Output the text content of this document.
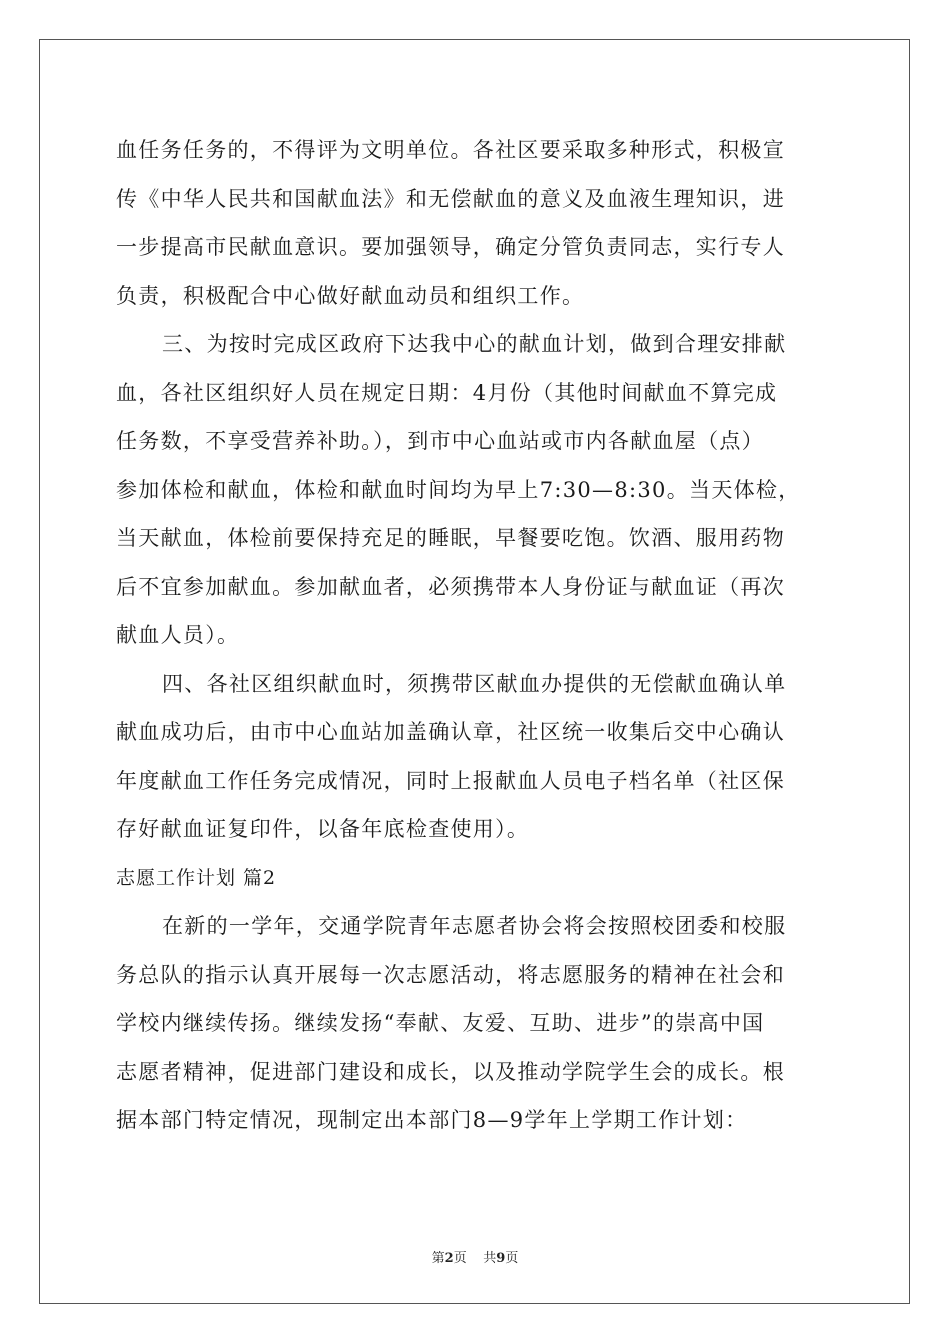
血任务任务的，不得评为文明单位。各社区要采取多种形式，积极宣
传《中华人民共和国献血法》和无偿献血的意义及血液生理知识，进
一步提高市民献血意识。要加强领导，确定分管负责同志，实行专人
负责，积极配合中心做好献血动员和组织工作。
三、为按时完成区政府下达我中心的献血计划，做到合理安排献
血，各社区组织好人员在规定日期：4月份（其他时间献血不算完成
任务数，不享受营养补助。），到市中心血站或市内各献血屋（点）
参加体检和献血，体检和献血时间均为早上7:30—8:30。当天体检，
当天献血，体检前要保持充足的睡眠，早餐要吃饱。饮酒、服用药物
后不宜参加献血。参加献血者，必须携带本人身份证与献血证（再次
献血人员）。
四、各社区组织献血时，须携带区献血办提供的无偿献血确认单
献血成功后，由市中心血站加盖确认章，社区统一收集后交中心确认
年度献血工作任务完成情况，同时上报献血人员电子档名单（社区保
存好献血证复印件，以备年底检查使用）。
志愿工作计划 篇2
在新的一学年，交通学院青年志愿者协会将会按照校团委和校服
务总队的指示认真开展每一次志愿活动，将志愿服务的精神在社会和
学校内继续传扬。继续发扬“奉献、友爱、互助、进步”的崇高中国
志愿者精神，促进部门建设和成长，以及推动学院学生会的成长。根
据本部门特定情况，现制定出本部门8—9学年上学期工作计划：
第2页 共9页
